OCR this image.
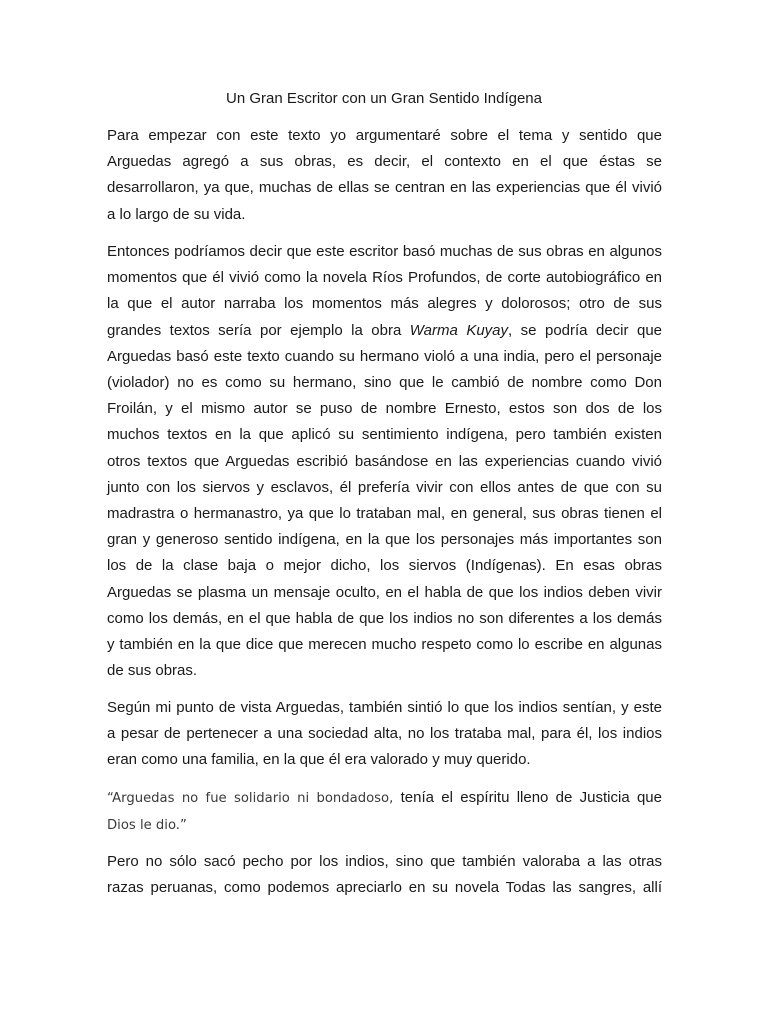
Un Gran Escritor con un Gran Sentido Indígena
Para empezar con este texto yo argumentaré sobre el tema y sentido que
Arguedas agregó a sus obras, es decir, el contexto en el que éstas se
desarrollaron, ya que, muchas de ellas se centran en las experiencias que él vivió
a lo largo de su vida.
Entonces podríamos decir que este escritor basó muchas de sus obras en algunos
momentos que él vivió como la novela Ríos Profundos, de corte autobiográfico en
la que el autor narraba los momentos más alegres y dolorosos; otro de sus
grandes textos sería por ejemplo la obra Warma Kuyay, se podría decir que
Arguedas basó este texto cuando su hermano violó a una india, pero el personaje
(violador) no es como su hermano, sino que le cambió de nombre como Don
Froilán, y el mismo autor se puso de nombre Ernesto, estos son dos de los
muchos textos en la que aplicó su sentimiento indígena, pero también existen
otros textos que Arguedas escribió basándose en las experiencias cuando vivió
junto con los siervos y esclavos, él prefería vivir con ellos antes de que con su
madrastra o hermanastro, ya que lo trataban mal, en general, sus obras tienen el
gran y generoso sentido indígena, en la que los personajes más importantes son
los de la clase baja o mejor dicho, los siervos (Indígenas). En esas obras
Arguedas se plasma un mensaje oculto, en el habla de que los indios deben vivir
como los demás, en el que habla de que los indios no son diferentes a los demás
y también en la que dice que merecen mucho respeto como lo escribe en algunas
de sus obras.
Según mi punto de vista Arguedas, también sintió lo que los indios sentían, y este
a pesar de pertenecer a una sociedad alta, no los trataba mal, para él, los indios
eran como una familia, en la que él era valorado y muy querido.
“Arguedas no fue solidario ni bondadoso, tenía el espíritu lleno de Justicia que
Dios le dio.”
Pero no sólo sacó pecho por los indios, sino que también valoraba a las otras
razas peruanas, como podemos apreciarlo en su novela Todas las sangres, allí
